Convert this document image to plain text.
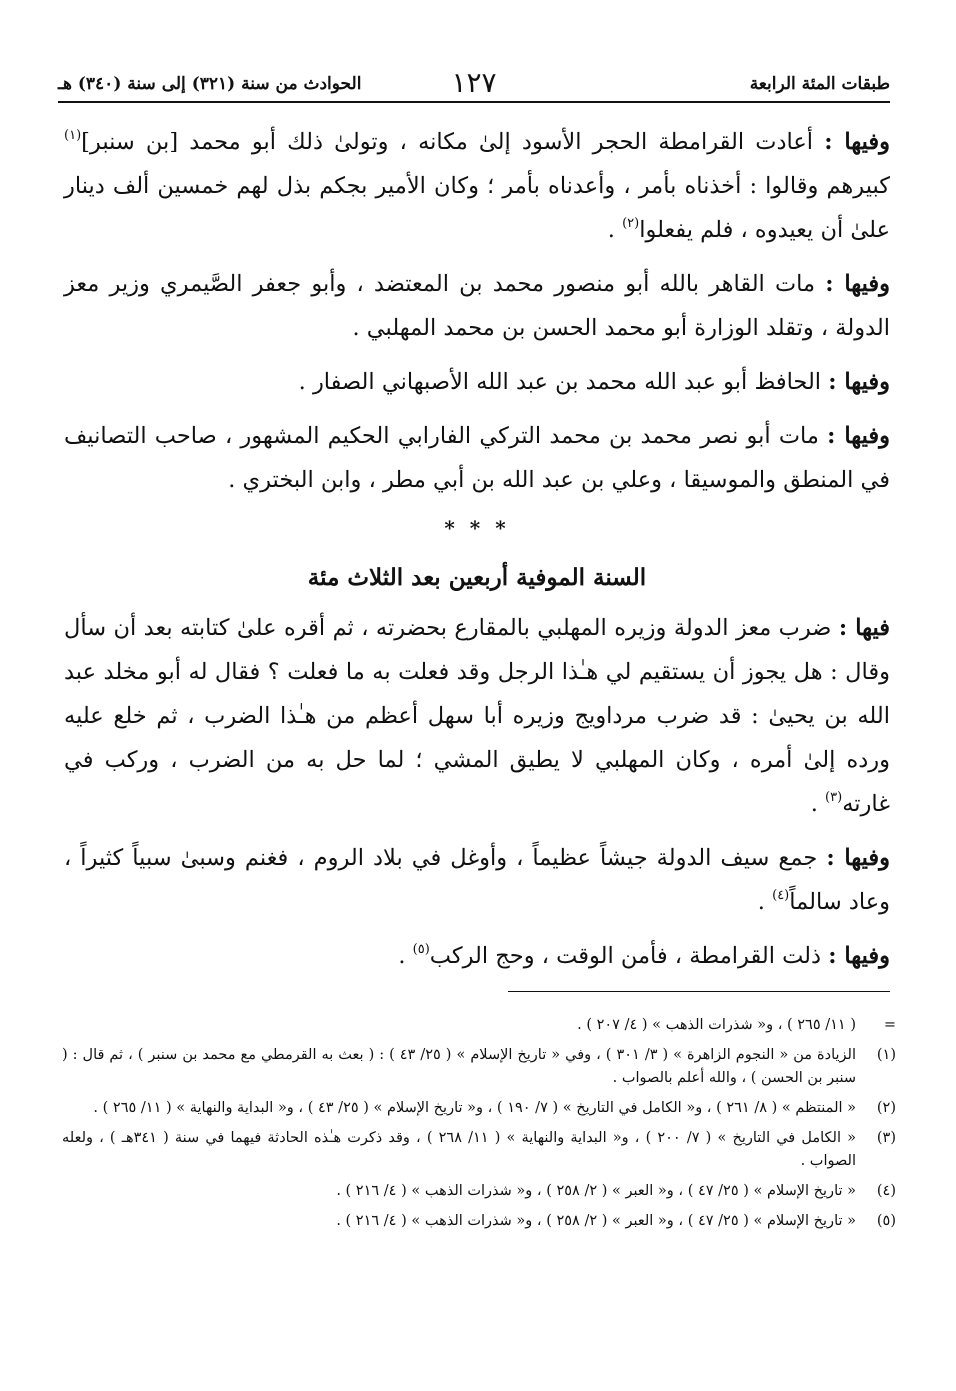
طبقات المئة الرابعة
١٢٧
الحوادث من سنة (٣٢١) إلى سنة (٣٤٠) هـ

وفيها : أعادت القرامطة الحجر الأسود إلىٰ مكانه ، وتولىٰ ذلك أبو محمد [بن سنبر]$^{(١)}$ كبيرهم وقالوا : أخذناه بأمر ، وأعدناه بأمر ؛ وكان الأمير بجكم بذل لهم خمسين ألف دينار علىٰ أن يعيدوه ، فلم يفعلوا$^{(٢)}$ .

وفيها : مات القاهر بالله أبو منصور محمد بن المعتضد ، وأبو جعفر الصَّيمري وزير معز الدولة ، وتقلد الوزارة أبو محمد الحسن بن محمد المهلبي .

وفيها : الحافظ أبو عبد الله محمد بن عبد الله الأصبهاني الصفار .

وفيها : مات أبو نصر محمد بن محمد التركي الفارابي الحكيم المشهور ، صاحب التصانيف في المنطق والموسيقا ، وعلي بن عبد الله بن أبي مطر ، وابن البختري .

* * *
السنة الموفية أربعين بعد الثلاث مئة

فيها : ضرب معز الدولة وزيره المهلبي بالمقارع بحضرته ، ثم أقره علىٰ كتابته بعد أن سأل وقال : هل يجوز أن يستقيم لي هـٰذا الرجل وقد فعلت به ما فعلت ؟ فقال له أبو مخلد عبد الله بن يحيىٰ : قد ضرب مرداويج وزيره أبا سهل أعظم من هـٰذا الضرب ، ثم خلع عليه ورده إلىٰ أمره ، وكان المهلبي لا يطيق المشي ؛ لما حل به من الضرب ، وركب في غارته$^{(٣)}$ .

وفيها : جمع سيف الدولة جيشاً عظيماً ، وأوغل في بلاد الروم ، فغنم وسبىٰ سبياً كثيراً ، وعاد سالماً$^{(٤)}$ .

وفيها : ذلت القرامطة ، فأمن الوقت ، وحج الركب$^{(٥)}$ .

=
( ١١/ ٢٦٥ ) ، و« شذرات الذهب » ( ٤/ ٢٠٧ ) .
(١)
الزيادة من « النجوم الزاهرة » ( ٣/ ٣٠١ ) ، وفي « تاريخ الإسلام » ( ٢٥/ ٤٣ ) : ( بعث به القرمطي مع محمد بن سنبر ) ، ثم قال : ( سنبر بن الحسن ) ، والله أعلم بالصواب .
(٢)
« المنتظم » ( ٨/ ٢٦١ ) ، و« الكامل في التاريخ » ( ٧/ ١٩٠ ) ، و« تاريخ الإسلام » ( ٢٥/ ٤٣ ) ، و« البداية والنهاية » ( ١١/ ٢٦٥ ) .
(٣)
« الكامل في التاريخ » ( ٧/ ٢٠٠ ) ، و« البداية والنهاية » ( ١١/ ٢٦٨ ) ، وقد ذكرت هـٰذه الحادثة فيهما في سنة ( ٣٤١هـ ) ، ولعله الصواب .
(٤)
« تاريخ الإسلام » ( ٢٥/ ٤٧ ) ، و« العبر » ( ٢/ ٢٥٨ ) ، و« شذرات الذهب » ( ٤/ ٢١٦ ) .
(٥)
« تاريخ الإسلام » ( ٢٥/ ٤٧ ) ، و« العبر » ( ٢/ ٢٥٨ ) ، و« شذرات الذهب » ( ٤/ ٢١٦ ) .
